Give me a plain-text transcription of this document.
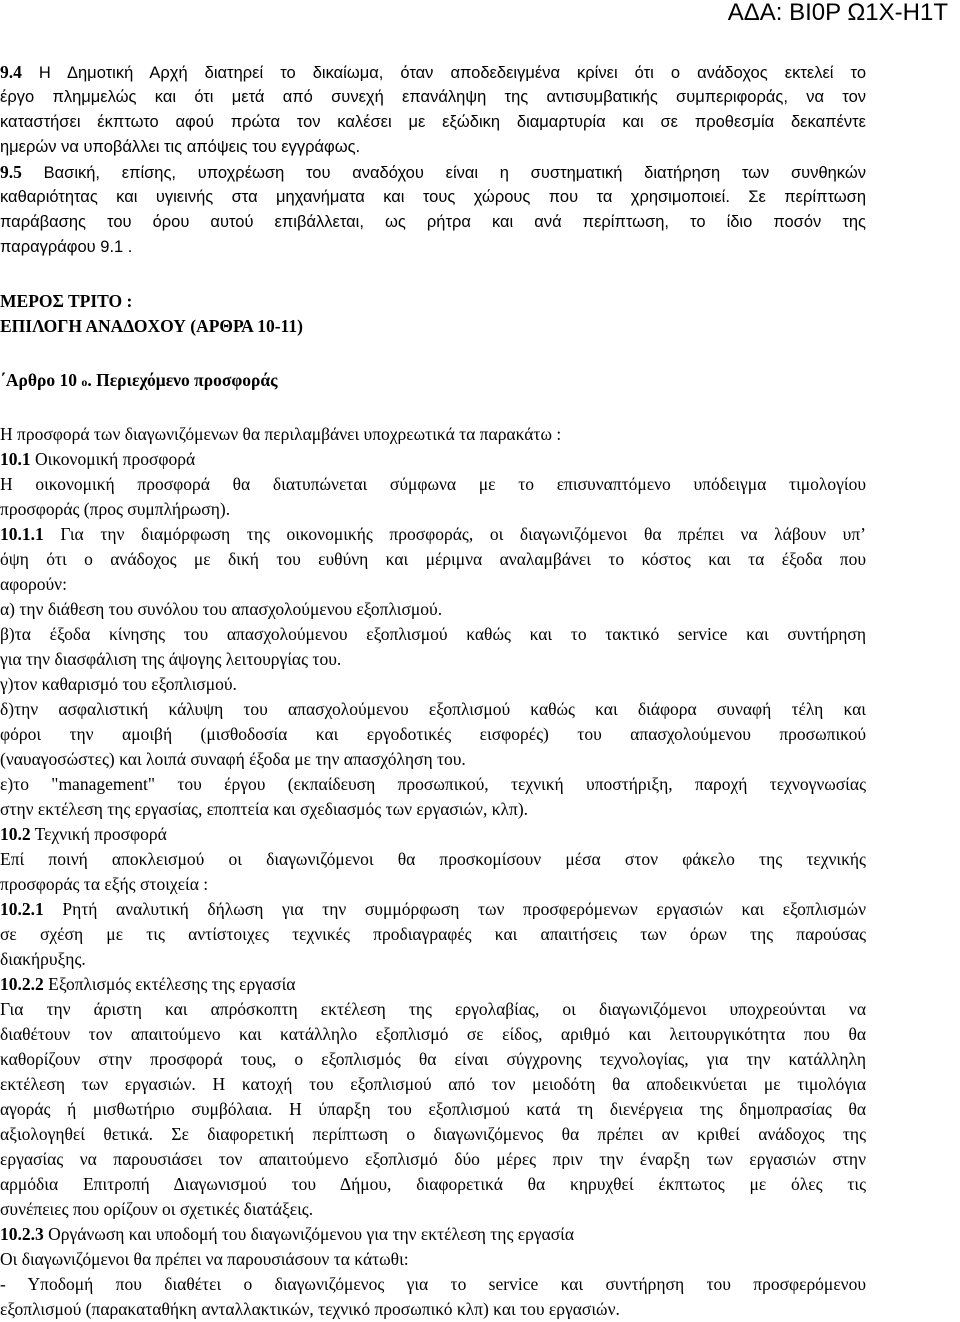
ΑΔΑ: ΒΙ0Ρ Ω1Χ-Η1Τ
9.4 Η Δημοτική Αρχή διατηρεί το δικαίωμα, όταν αποδεδειγμένα κρίνει ότι ο ανάδοχος εκτελεί το
έργο πλημμελώς και ότι μετά από συνεχή επανάληψη της αντισυμβατικής συμπεριφοράς, να τον
καταστήσει έκπτωτο αφού πρώτα τον καλέσει με εξώδικη διαμαρτυρία και σε προθεσμία δεκαπέντε
ημερών να υποβάλλει τις απόψεις του εγγράφως.
9.5 Βασική, επίσης, υποχρέωση του αναδόχου είναι η συστηματική διατήρηση των συνθηκών
καθαριότητας και υγιεινής στα μηχανήματα και τους χώρους που τα χρησιμοποιεί. Σε περίπτωση
παράβασης του όρου αυτού επιβάλλεται, ως ρήτρα και ανά περίπτωση, το ίδιο ποσόν της
παραγράφου 9.1 .
ΜΕΡΟΣ ΤΡΙΤΟ :
ΕΠΙΛΟΓΗ ΑΝΑΔΟΧΟΥ (ΑΡΘΡΑ 10-11)
΄Αρθρο 10 ο. Περιεχόμενο προσφοράς
Η προσφορά των διαγωνιζόμενων θα περιλαμβάνει υποχρεωτικά τα παρακάτω :
10.1 Οικονομική προσφορά
Η οικονομική προσφορά θα διατυπώνεται σύμφωνα με το επισυναπτόμενο υπόδειγμα τιμολογίου
προσφοράς (προς συμπλήρωση).
10.1.1 Για την διαμόρφωση της οικονομικής προσφοράς, οι διαγωνιζόμενοι θα πρέπει να λάβουν υπ’
όψη ότι ο ανάδοχος με δική του ευθύνη και μέριμνα αναλαμβάνει το κόστος και τα έξοδα που
αφορούν:
α) την διάθεση του συνόλου του απασχολούμενου εξοπλισμού.
β)τα έξοδα κίνησης του απασχολούμενου εξοπλισμού καθώς και το τακτικό service και συντήρηση
για την διασφάλιση της άψογης λειτουργίας του.
γ)τον καθαρισμό του εξοπλισμού.
δ)την ασφαλιστική κάλυψη του απασχολούμενου εξοπλισμού καθώς και διάφορα συναφή τέλη και
φόροι την αμοιβή (μισθοδοσία και εργοδοτικές εισφορές) του απασχολούμενου προσωπικού
(ναυαγοσώστες) και λοιπά συναφή έξοδα με την απασχόληση του.
ε)το "management" του έργου (εκπαίδευση προσωπικού, τεχνική υποστήριξη, παροχή τεχνογνωσίας
στην εκτέλεση της εργασίας, εποπτεία και σχεδιασμός των εργασιών, κλπ).
10.2 Τεχνική προσφορά
Επί ποινή αποκλεισμού οι διαγωνιζόμενοι θα προσκομίσουν μέσα στον φάκελο της τεχνικής
προσφοράς τα εξής στοιχεία :
10.2.1 Ρητή αναλυτική δήλωση για την συμμόρφωση των προσφερόμενων εργασιών και εξοπλισμών
σε σχέση με τις αντίστοιχες τεχνικές προδιαγραφές και απαιτήσεις των όρων της παρούσας
διακήρυξης.
10.2.2 Εξοπλισμός εκτέλεσης της εργασία
Για την άριστη και απρόσκοπτη εκτέλεση της εργολαβίας, οι διαγωνιζόμενοι υποχρεούνται να
διαθέτουν τον απαιτούμενο και κατάλληλο εξοπλισμό σε είδος, αριθμό και λειτουργικότητα που θα
καθορίζουν στην προσφορά τους, ο εξοπλισμός θα είναι σύγχρονης τεχνολογίας, για την κατάλληλη
εκτέλεση των εργασιών. Η κατοχή του εξοπλισμού από τον μειοδότη θα αποδεικνύεται με τιμολόγια
αγοράς ή μισθωτήριο συμβόλαια. Η ύπαρξη του εξοπλισμού κατά τη διενέργεια της δημοπρασίας θα
αξιολογηθεί θετικά. Σε διαφορετική περίπτωση ο διαγωνιζόμενος θα πρέπει αν κριθεί ανάδοχος της
εργασίας να παρουσιάσει τον απαιτούμενο εξοπλισμό δύο μέρες πριν την έναρξη των εργασιών στην
αρμόδια Επιτροπή Διαγωνισμού του Δήμου, διαφορετικά θα κηρυχθεί έκπτωτος με όλες τις
συνέπειες που ορίζουν οι σχετικές διατάξεις.
10.2.3 Οργάνωση και υποδομή του διαγωνιζόμενου για την εκτέλεση της εργασία
Οι διαγωνιζόμενοι θα πρέπει να παρουσιάσουν τα κάτωθι:
- Υποδομή που διαθέτει ο διαγωνιζόμενος για το service και συντήρηση του προσφερόμενου
εξοπλισμού (παρακαταθήκη ανταλλακτικών, τεχνικό προσωπικό κλπ) και του εργασιών.
